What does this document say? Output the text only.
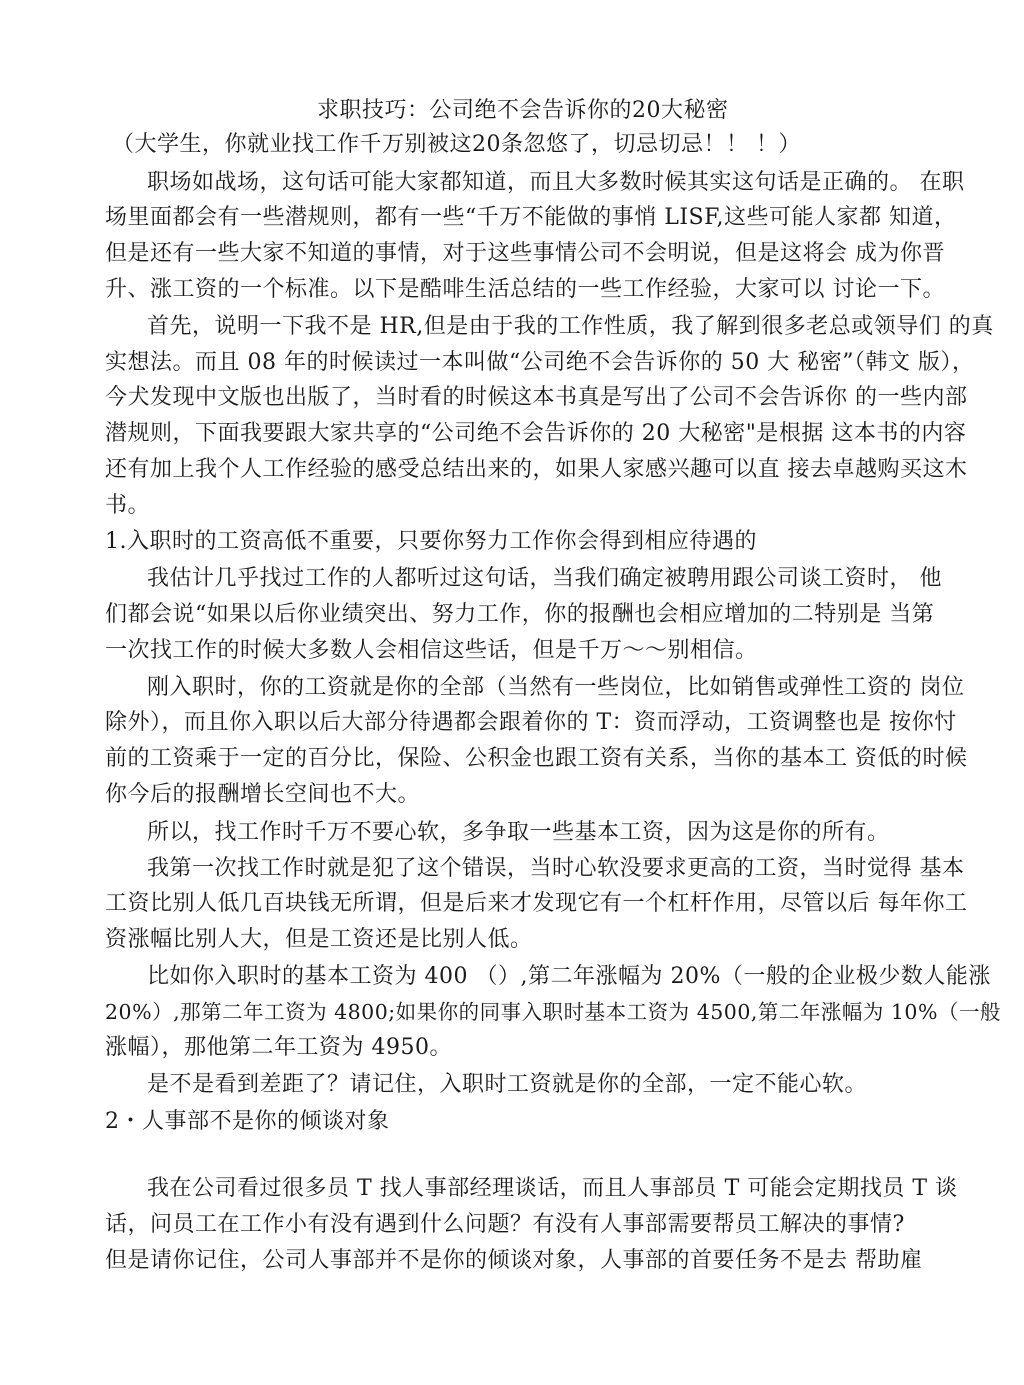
求职技巧：公司绝不会告诉你的20大秘密
（大学生，你就业找工作千万别被这20条忽悠了，切忌切忌！！ ！）
职场如战场，这句话可能大家都知道，而且大多数时候其实这句话是正确的。 在职
场里面都会有一些潜规则，都有一些“千万不能做的事悄 LISF,这些可能人家都 知道，
但是还有一些大家不知道的事情，对于这些事情公司不会明说，但是这将会 成为你晋
升、涨工资的一个标准。以下是酷啡生活总结的一些工作经验，大家可以 讨论一下。
首先，说明一下我不是 HR,但是由于我的工作性质，我了解到很多老总或领导们 的真
实想法。而且 08 年的时候读过一本叫做“公司绝不会告诉你的 50 大 秘密”（韩文 版），
今犬发现中文版也出版了，当时看的时候这本书真是写出了公司不会告诉你 的一些内部
潜规则，下面我要跟大家共享的“公司绝不会告诉你的 20 大秘密"是根据 这本书的内容
还有加上我个人工作经验的感受总结出来的，如果人家感兴趣可以直 接去卓越购买这木
书。
1.入职时的工资高低不重要，只要你努力工作你会得到相应待遇的
我估计几乎找过工作的人都听过这句话，当我们确定被聘用跟公司谈工资时， 他
们都会说“如果以后你业绩突出、努力工作，你的报酬也会相应增加的二特别是 当第
一次找工作的时候大多数人会相信这些话，但是千万～～别相信。
刚入职时，你的工资就是你的全部（当然有一些岗位，比如销售或弹性工资的 岗位
除外），而且你入职以后大部分待遇都会跟着你的 T：资而浮动，工资调整也是 按你忖
前的工资乘于一定的百分比，保险、公积金也跟工资有关系，当你的基本工 资低的时候
你今后的报酬增长空间也不大。
所以，找工作时千万不要心软，多争取一些基本工资，因为这是你的所有。
我第一次找工作时就是犯了这个错误，当时心软没要求更高的工资，当时觉得 基本
工资比别人低几百块钱无所谓，但是后来才发现它有一个杠杆作用，尽管以后 每年你工
资涨幅比别人大，但是工资还是比别人低。
比如你入职时的基本工资为 400 （）,第二年涨幅为 20%（一般的企业极少数人能涨
20%）,那第二年工资为 4800;如果你的同事入职时基本工资为 4500,第二年涨幅为 10%（一般
涨幅），那他第二年工资为 4950。
是不是看到差距了？请记住，入职时工资就是你的全部，一定不能心软。
2・人事部不是你的倾谈对象
我在公司看过很多员 T 找人事部经理谈话，而且人事部员 T 可能会定期找员 T 谈
话，问员工在工作小有没有遇到什么问题？有没有人事部需要帮员工解决的事情?
但是请你记住，公司人事部并不是你的倾谈对象，人事部的首要任务不是去 帮助雇
